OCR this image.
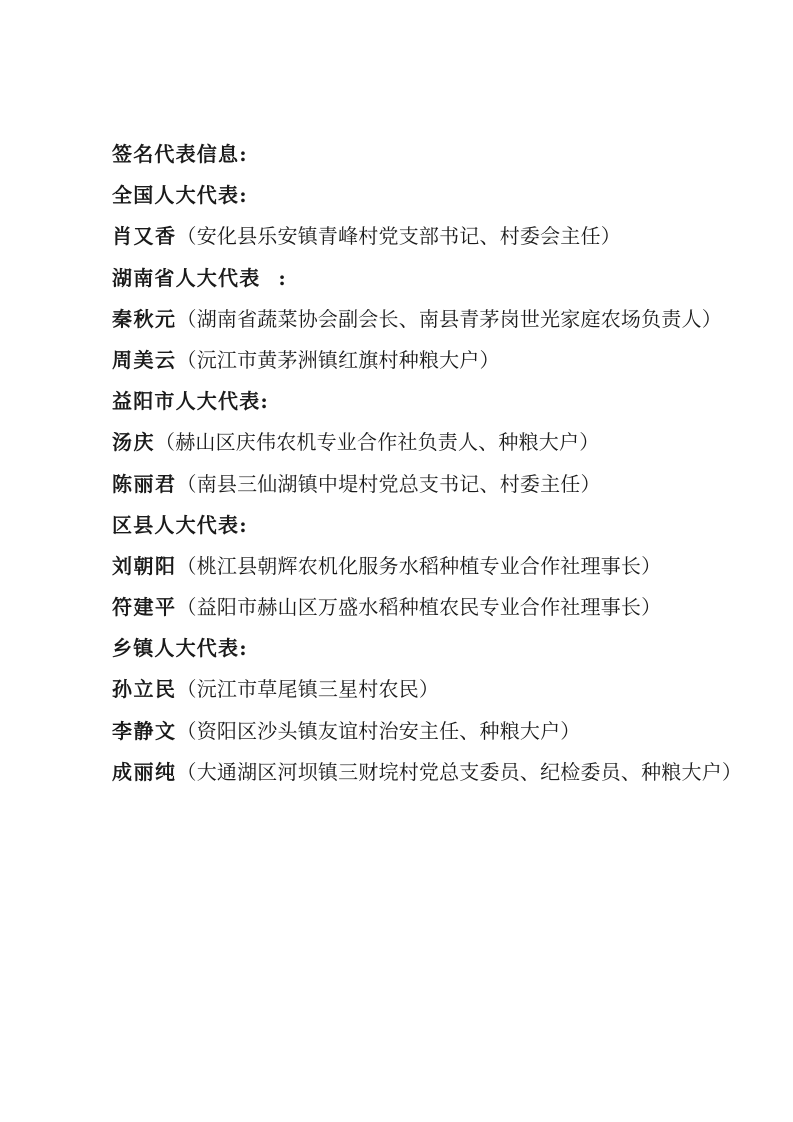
签名代表信息:
全国人大代表:
肖又香（安化县乐安镇青峰村党支部书记、村委会主任）
湖南省人大代表 :
秦秋元（湖南省蔬菜协会副会长、南县青茅岗世光家庭农场负责人）
周美云（沅江市黄茅洲镇红旗村种粮大户）
益阳市人大代表:
汤庆（赫山区庆伟农机专业合作社负责人、种粮大户）
陈丽君（南县三仙湖镇中堤村党总支书记、村委主任）
区县人大代表:
刘朝阳（桃江县朝辉农机化服务水稻种植专业合作社理事长）
符建平（益阳市赫山区万盛水稻种植农民专业合作社理事长）
乡镇人大代表:
孙立民（沅江市草尾镇三星村农民）
李静文（资阳区沙头镇友谊村治安主任、种粮大户）
成丽纯（大通湖区河坝镇三财垸村党总支委员、纪检委员、种粮大户）
